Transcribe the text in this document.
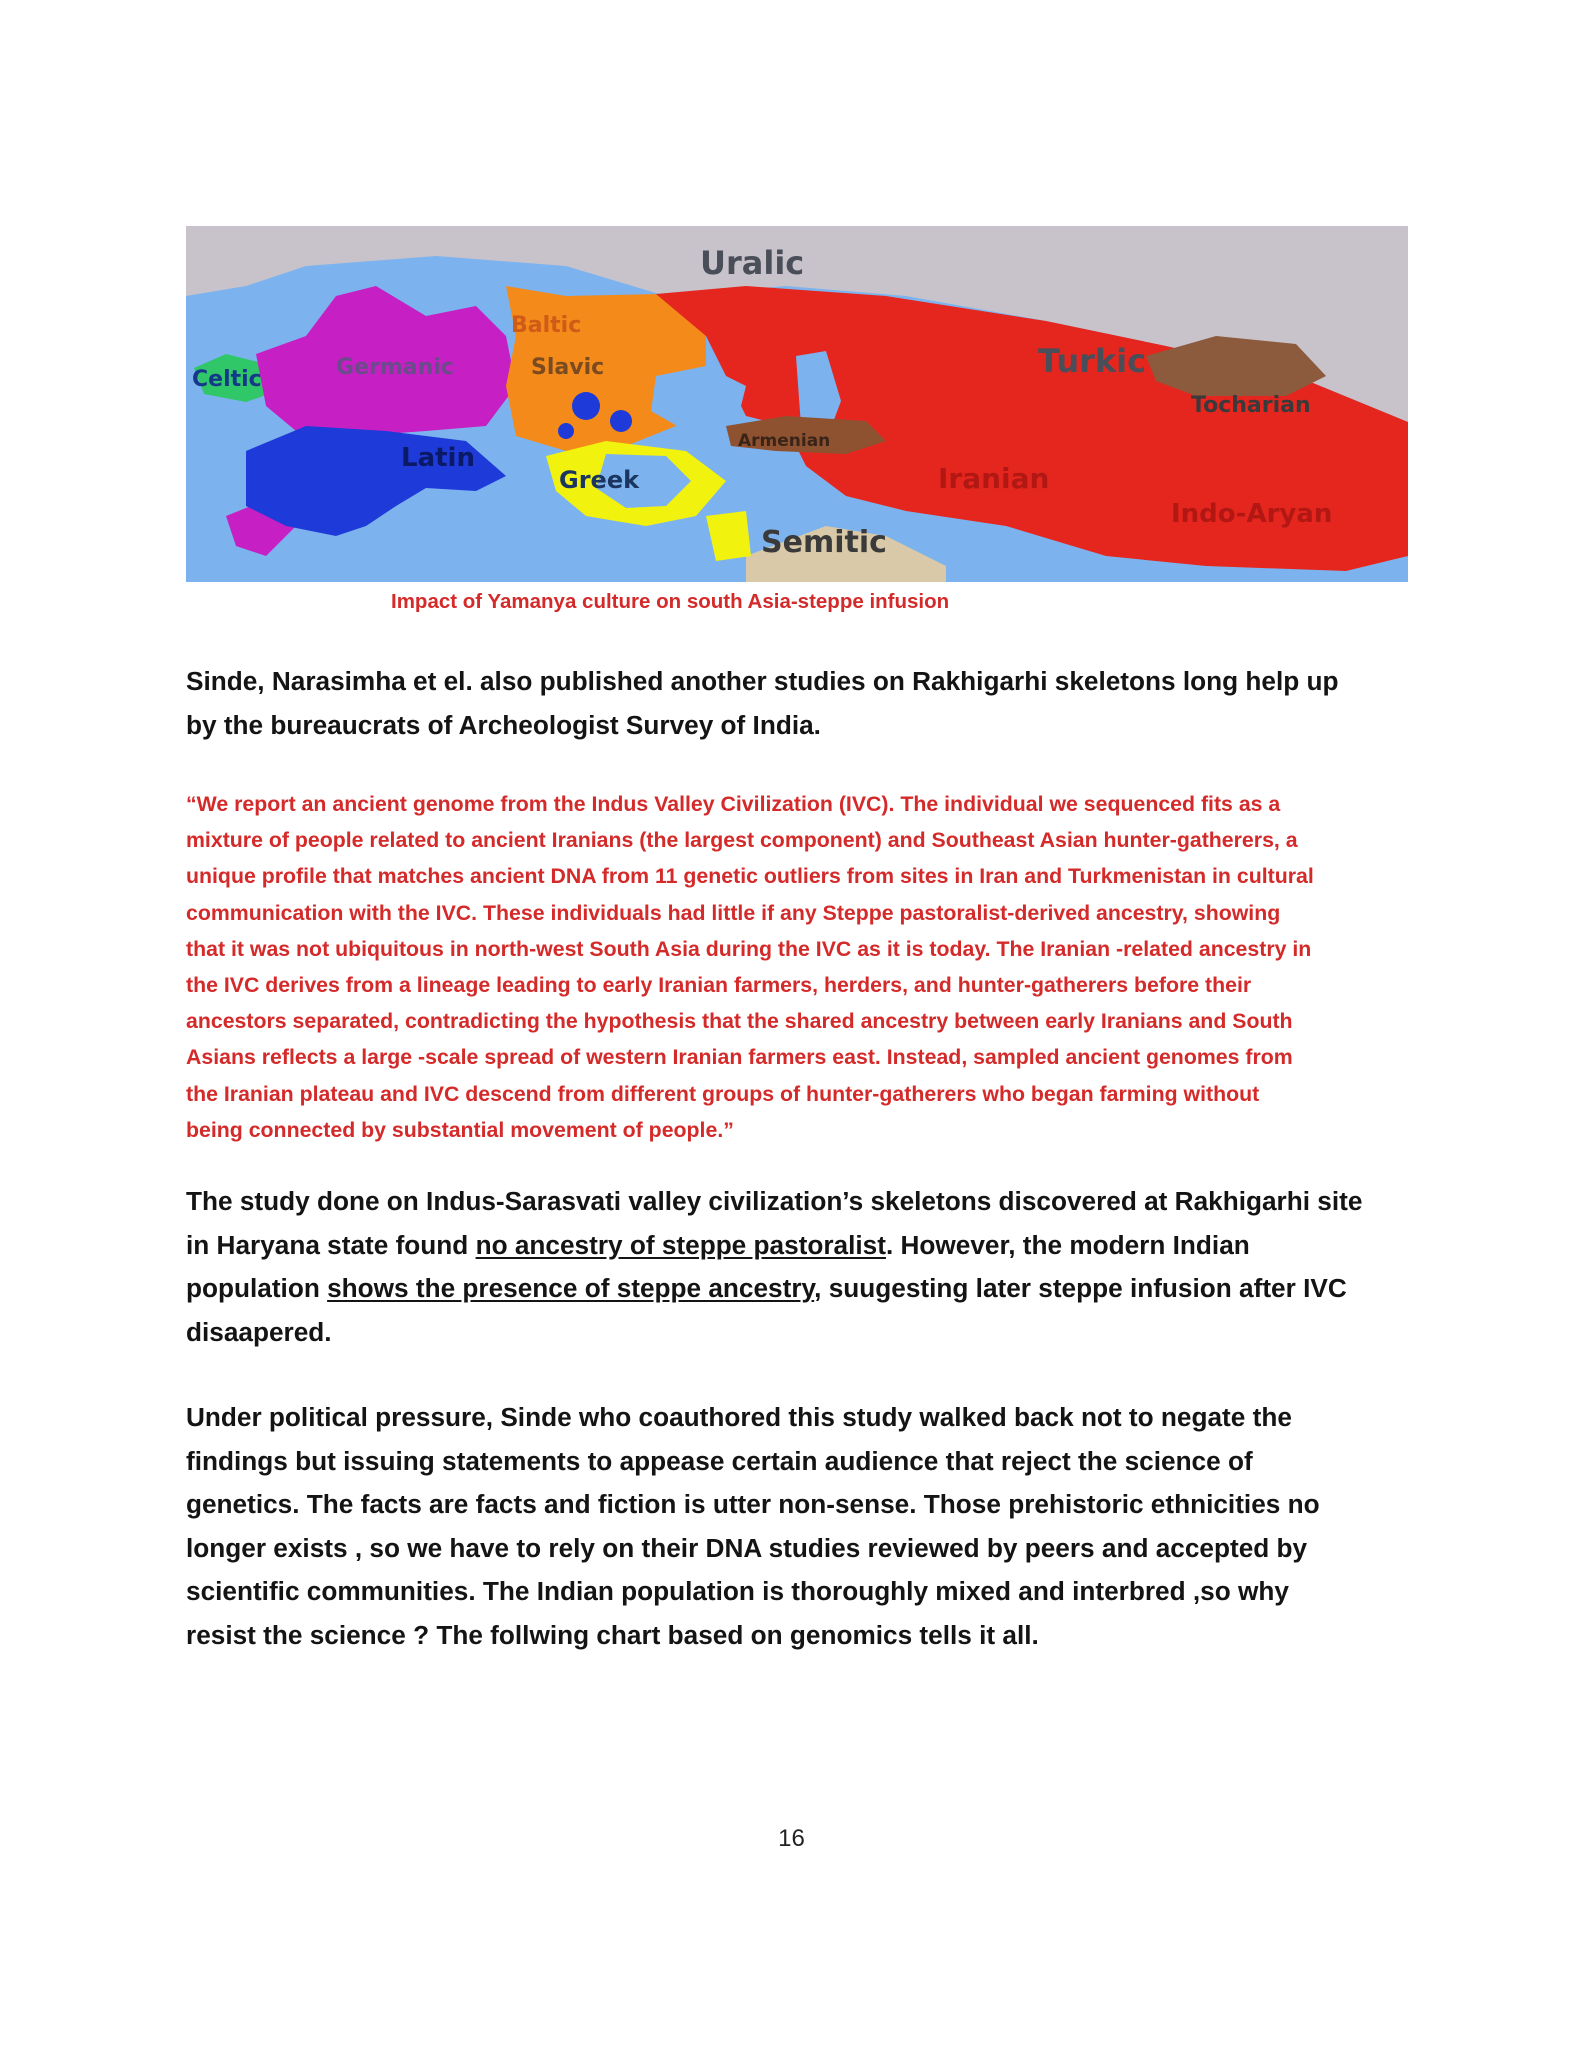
Uralic
Baltic
Celtic	Germanic	Slavic	Turkic
Tocharian
Armenian
Latin
Greek	Iranian
Indo-Aryan
Semitic
Impact of Yamanya culture on south Asia-steppe infusion

Sinde, Narasimha et el. also published another studies on Rakhigarhi skeletons long help up
by the bureaucrats of Archeologist Survey of India.

“We report an ancient genome from the Indus Valley Civilization (IVC). The individual we sequenced fits as a
mixture of people related to ancient Iranians (the largest component) and Southeast Asian hunter-gatherers, a
unique profile that matches ancient DNA from 11 genetic outliers from sites in Iran and Turkmenistan in cultural
communication with the IVC. These individuals had little if any Steppe pastoralist-derived ancestry, showing
that it was not ubiquitous in north-west South Asia during the IVC as it is today. The Iranian -related ancestry in
the IVC derives from a lineage leading to early Iranian farmers, herders, and hunter-gatherers before their
ancestors separated, contradicting the hypothesis that the shared ancestry between early Iranians and South
Asians reflects a large -scale spread of western Iranian farmers east. Instead, sampled ancient genomes from
the Iranian plateau and IVC descend from different groups of hunter-gatherers who began farming without
being connected by substantial movement of people.”

The study done on Indus-Sarasvati valley civilization’s skeletons discovered at Rakhigarhi site
in Haryana state found no ancestry of steppe pastoralist. However, the modern Indian
population shows the presence of steppe ancestry, suugesting later steppe infusion after IVC
disaapered.

Under political pressure, Sinde who coauthored this study walked back not to negate the
findings but issuing statements to appease certain audience that reject the science of
genetics. The facts are facts and fiction is utter non-sense. Those prehistoric ethnicities no
longer exists , so we have to rely on their DNA studies reviewed by peers and accepted by
scientific communities. The Indian population is thoroughly mixed and interbred ,so why
resist the science ? The follwing chart based on genomics tells it all.

16
